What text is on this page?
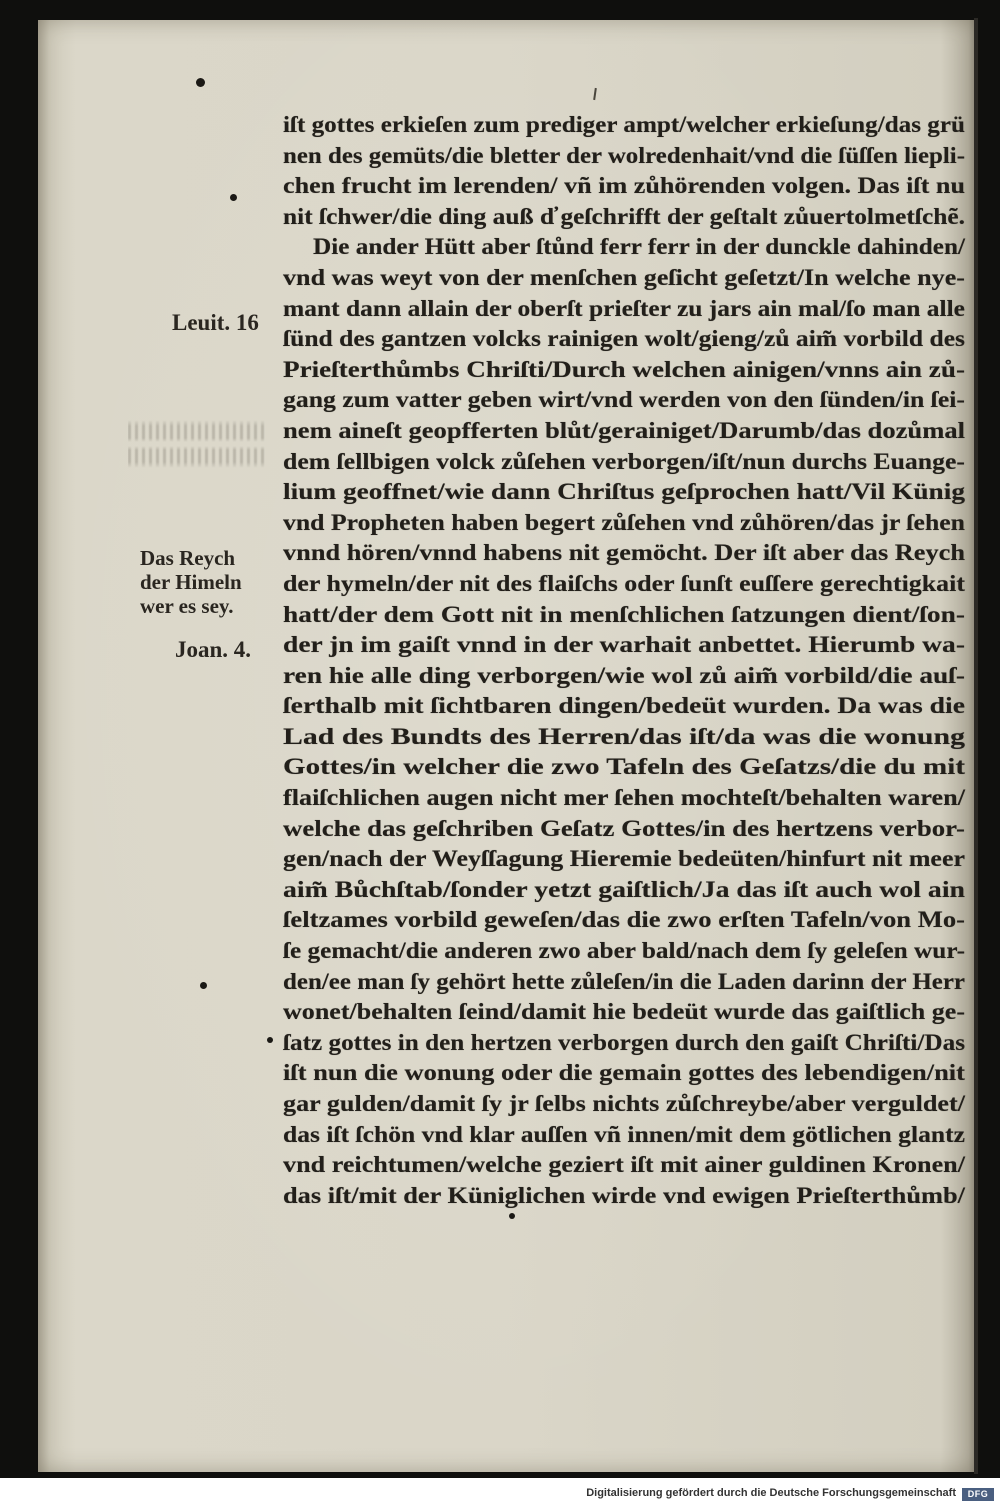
Leuit. 16
Das Reych
der Himeln
wer es sey.
Joan. 4.
iſt gottes erkieſen zum prediger ampt/welcher erkieſung/das grü
nen des gemüts/die bletter der wolredenhait/vnd die ſüſſen liepli-
chen frucht im lerenden/ vñ im zůhörenden volgen. Das iſt nu
nit ſchwer/die ding auß d̕ geſchrifft der geſtalt zůuertolmetſchẽ.
Die ander Hütt aber ſtůnd ferr ferr in der dunckle dahinden/
vnd was weyt von der menſchen geſicht geſetzt/In welche nye-
mant dann allain der oberſt prieſter zu jars ain mal/ſo man alle
ſünd des gantzen volcks rainigen wolt/gieng/zů aim̃ vorbild des
Prieſterthůmbs Chriſti/Durch welchen ainigen/vnns ain zů-
gang zum vatter geben wirt/vnd werden von den ſünden/in ſei-
nem aineſt geopfferten blůt/gerainiget/Darumb/das dozůmal
dem ſellbigen volck zůſehen verborgen/iſt/nun durchs Euange-
lium geoffnet/wie dann Chriſtus geſprochen hatt/Vil Künig
vnd Propheten haben begert zůſehen vnd zůhören/das jr ſehen
vnnd hören/vnnd habens nit gemöcht. Der iſt aber das Reych
der hymeln/der nit des flaiſchs oder ſunſt euſſere gerechtigkait
hatt/der dem Gott nit in menſchlichen ſatzungen dient/ſon-
der jn im gaiſt vnnd in der warhait anbettet. Hierumb wa-
ren hie alle ding verborgen/wie wol zů aim̃ vorbild/die auſ-
ſerthalb mit ſichtbaren dingen/bedeüt wurden. Da was die
Lad des Bundts des Herren/das iſt/da was die wonung
Gottes/in welcher die zwo Tafeln des Geſatzs/die du mit
flaiſchlichen augen nicht mer ſehen mochteſt/behalten waren/
welche das geſchriben Geſatz Gottes/in des hertzens verbor-
gen/nach der Weyſſagung Hieremie bedeüten/hinfurt nit meer
aim̃ Bůchſtab/ſonder yetzt gaiſtlich/Ja das iſt auch wol ain
ſeltzames vorbild geweſen/das die zwo erſten Tafeln/von Mo-
ſe gemacht/die anderen zwo aber bald/nach dem ſy geleſen wur-
den/ee man ſy gehört hette zůleſen/in die Laden darinn der Herr
wonet/behalten ſeind/damit hie bedeüt wurde das gaiſtlich ge-
ſatz gottes in den hertzen verborgen durch den gaiſt Chriſti/Das
iſt nun die wonung oder die gemain gottes des lebendigen/nit
gar gulden/damit ſy jr ſelbs nichts zůſchreybe/aber verguldet/
das iſt ſchön vnd klar auſſen vñ innen/mit dem götlichen glantz
vnd reichtumen/welche geziert iſt mit ainer guldinen Kronen/
das iſt/mit der Küniglichen wirde vnd ewigen Prieſterthůmb/
Digitalisierung gefördert durch die Deutsche Forschungsgemeinschaft	DFG
